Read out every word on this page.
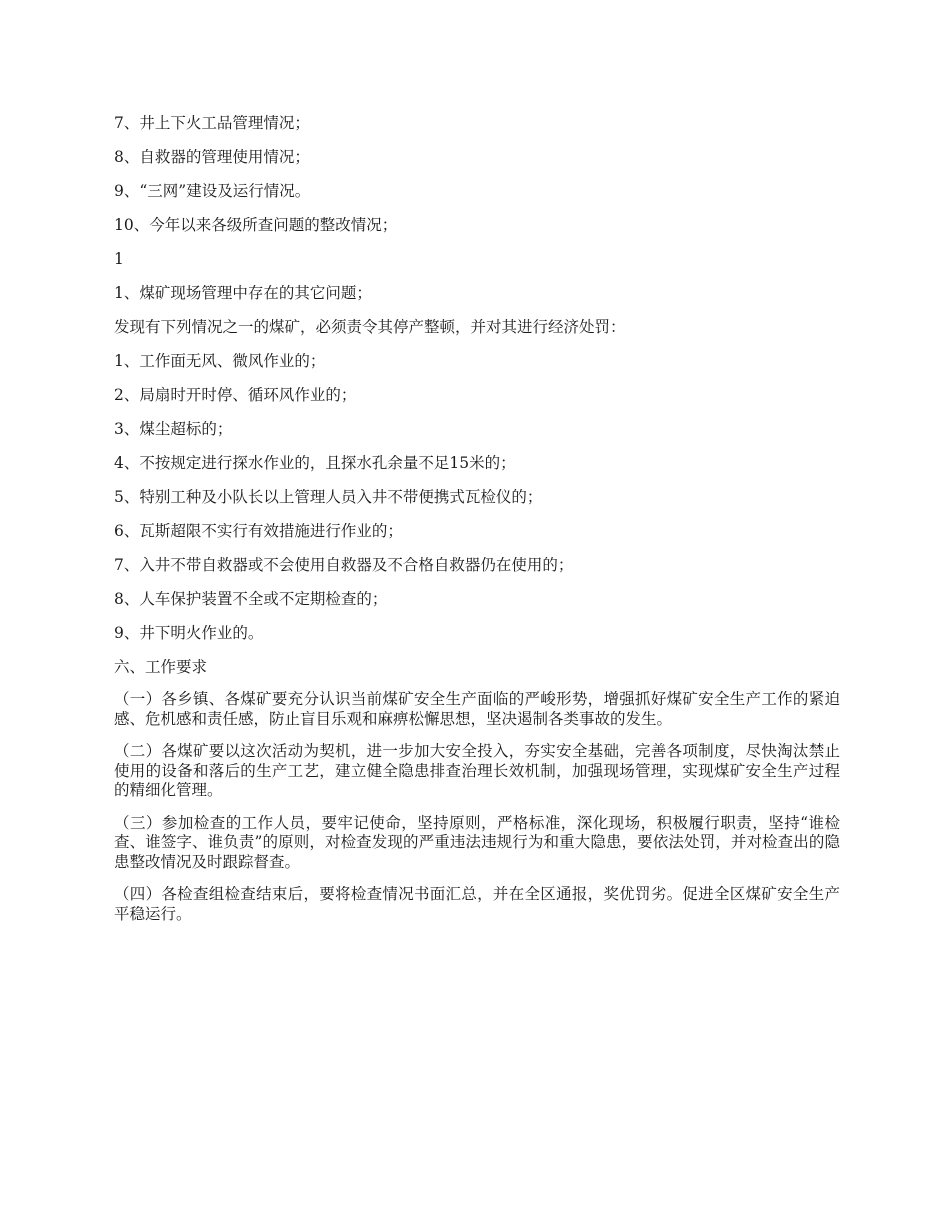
7、井上下火工品管理情况；
8、自救器的管理使用情况；
9、“三网”建设及运行情况。
10、今年以来各级所查问题的整改情况；
1
1、煤矿现场管理中存在的其它问题；
发现有下列情况之一的煤矿，必须责令其停产整顿，并对其进行经济处罚：
1、工作面无风、微风作业的；
2、局扇时开时停、循环风作业的；
3、煤尘超标的；
4、不按规定进行探水作业的，且探水孔余量不足15米的；
5、特别工种及小队长以上管理人员入井不带便携式瓦检仪的；
6、瓦斯超限不实行有效措施进行作业的；
7、入井不带自救器或不会使用自救器及不合格自救器仍在使用的；
8、人车保护装置不全或不定期检查的；
9、井下明火作业的。
六、工作要求
（一）各乡镇、各煤矿要充分认识当前煤矿安全生产面临的严峻形势，增强抓好煤矿安全生产工作的紧迫感、危机感和责任感，防止盲目乐观和麻痹松懈思想，坚决遏制各类事故的发生。
（二）各煤矿要以这次活动为契机，进一步加大安全投入，夯实安全基础，完善各项制度，尽快淘汰禁止使用的设备和落后的生产工艺，建立健全隐患排查治理长效机制，加强现场管理，实现煤矿安全生产过程的精细化管理。
（三）参加检查的工作人员，要牢记使命，坚持原则，严格标准，深化现场，积极履行职责，坚持“谁检查、谁签字、谁负责”的原则，对检查发现的严重违法违规行为和重大隐患，要依法处罚，并对检查出的隐患整改情况及时跟踪督查。
（四）各检查组检查结束后，要将检查情况书面汇总，并在全区通报，奖优罚劣。促进全区煤矿安全生产平稳运行。
